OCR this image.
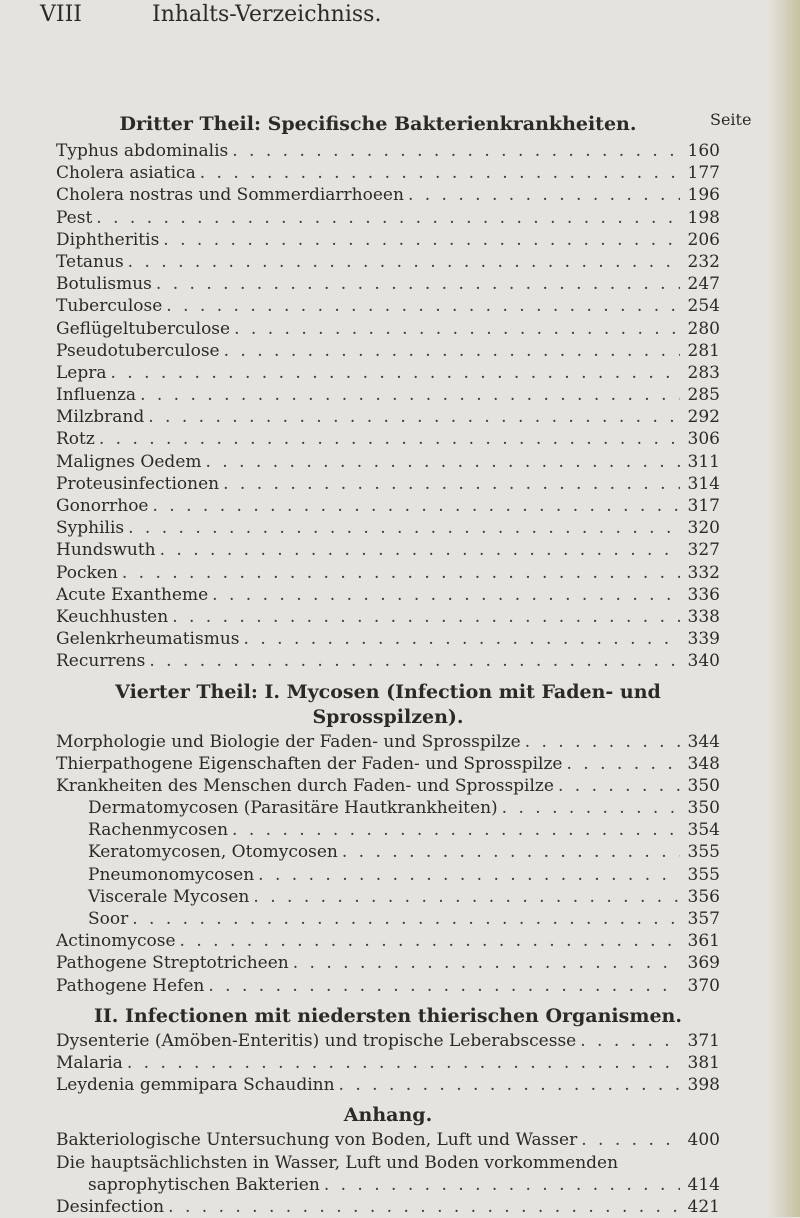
VIII	Inhalts-Verzeichniss.
Seite
Dritter Theil: Specifische Bakterienkrankheiten.
Typhus abdominalis . . .	160
Cholera asiatica . . .	177
Cholera nostras und Sommerdiarrhoeen . . .	196
Pest . . .	198
Diphtheritis . . .	206
Tetanus . . .	232
Botulismus . . .	247
Tuberculose . . .	254
Geflügeltuberculose . . .	280
Pseudotuberculose . . .	281
Lepra . . .	283
Influenza . . .	285
Milzbrand . . .	292
Rotz . . .	306
Malignes Oedem . . .	311
Proteusinfectionen . . .	314
Gonorrhoe . . .	317
Syphilis . . .	320
Hundswuth . . .	327
Pocken . . .	332
Acute Exantheme . . .	336
Keuchhusten . . .	338
Gelenkrheumatismus . . .	339
Recurrens . . .	340
Vierter Theil: I. Mycosen (Infection mit Faden- und
Sprosspilzen).
Morphologie und Biologie der Faden- und Sprosspilze . . .	344
Thierpathogene Eigenschaften der Faden- und Sprosspilze . . .	348
Krankheiten des Menschen durch Faden- und Sprosspilze . . .	350
Dermatomycosen (Parasitäre Hautkrankheiten) . . .	350
Rachenmycosen . . .	354
Keratomycosen, Otomycosen . . .	355
Pneumonomycosen . . .	355
Viscerale Mycosen . . .	356
Soor . . .	357
Actinomycose . . .	361
Pathogene Streptotricheen . . .	369
Pathogene Hefen . . .	370
II. Infectionen mit niedersten thierischen Organismen.
Dysenterie (Amöben-Enteritis) und tropische Leberabscesse . . .	371
Malaria . . .	381
Leydenia gemmipara Schaudinn . . .	398
Anhang.
Bakteriologische Untersuchung von Boden, Luft und Wasser . . .	400
Die hauptsächlichsten in Wasser, Luft und Boden vorkommenden
saprophytischen Bakterien . . .	414
Desinfection . . .	421
